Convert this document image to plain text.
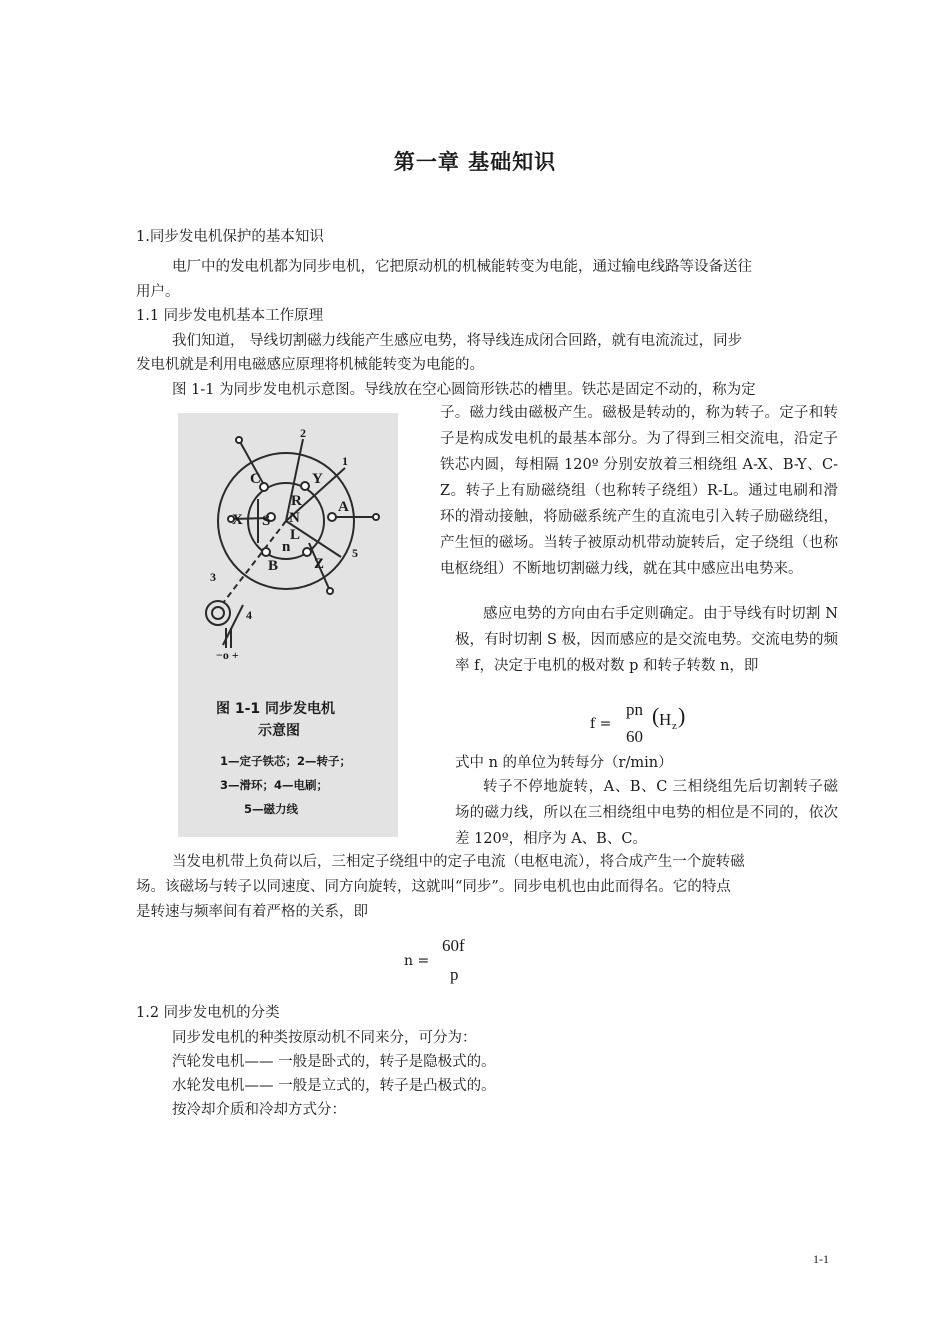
第一章 基础知识
1.同步发电机保护的基本知识
电厂中的发电机都为同步电机，它把原动机的机械能转变为电能，通过输电线路等设备送往
用户。
1.1 同步发电机基本工作原理
我们知道， 导线切割磁力线能产生感应电势，将导线连成闭合回路，就有电流流过，同步
发电机就是利用电磁感应原理将机械能转变为电能的。
图 1-1 为同步发电机示意图。导线放在空心圆筒形铁芯的槽里。铁芯是固定不动的，称为定
C	Y
X
A
B Z
R
L
N
S
n
2
1
5
3
4
−o +
图 1-1 同步发电机
示意图
1—定子铁芯；2—转子；
3—滑环；4—电刷；
5—磁力线
子。磁力线由磁极产生。磁极是转动的，称为转子。定子和转子是构成发电机的最基本部分。为了得到三相交流电，沿定子铁芯内圆，每相隔 120º 分别安放着三相绕组 A-X、B-Y、C-Z。转子上有励磁绕组（也称转子绕组）R-L。通过电刷和滑环的滑动接触，将励磁系统产生的直流电引入转子励磁绕组，产生恒的磁场。当转子被原动机带动旋转后，定子绕组（也称电枢绕组）不断地切割磁力线，就在其中感应出电势来。
感应电势的方向由右手定则确定。由于导线有时切割 N 极，有时切割 S 极，因而感应的是交流电势。交流电势的频率 f，决定于电机的极对数 p 和转子转数 n，即
f =
pn
60
( H z )
式中 n 的单位为转每分（r/min）
转子不停地旋转，A、B、C 三相绕组先后切割转子磁场的磁力线，所以在三相绕组中电势的相位是不同的，依次差 120º，相序为 A、B、C。
当发电机带上负荷以后，三相定子绕组中的定子电流（电枢电流），将合成产生一个旋转磁
场。该磁场与转子以同速度、同方向旋转，这就叫“同步”。同步电机也由此而得名。它的特点
是转速与频率间有着严格的关系，即
n =
60f
p
1.2 同步发电机的分类
同步发电机的种类按原动机不同来分，可分为：
汽轮发电机—— 一般是卧式的，转子是隐极式的。
水轮发电机—— 一般是立式的，转子是凸极式的。
按冷却介质和冷却方式分：
1-1
